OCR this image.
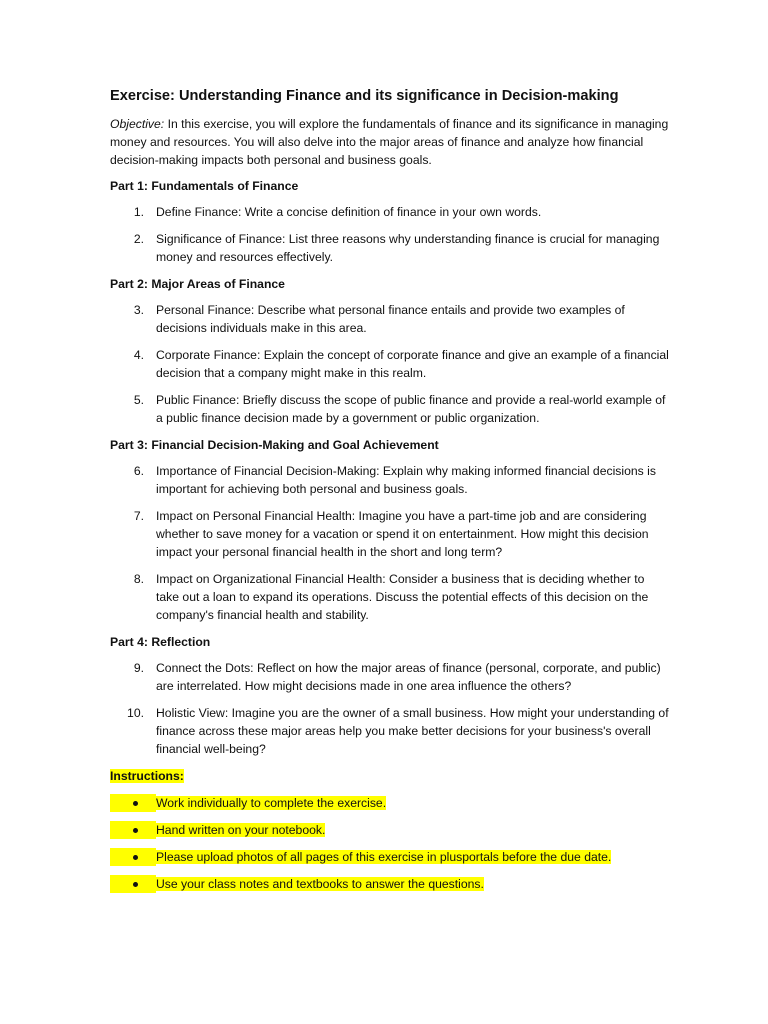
Exercise: Understanding Finance and its significance in Decision-making
Objective: In this exercise, you will explore the fundamentals of finance and its significance in managing money and resources. You will also delve into the major areas of finance and analyze how financial decision-making impacts both personal and business goals.
Part 1: Fundamentals of Finance
1. Define Finance: Write a concise definition of finance in your own words.
2. Significance of Finance: List three reasons why understanding finance is crucial for managing money and resources effectively.
Part 2: Major Areas of Finance
3. Personal Finance: Describe what personal finance entails and provide two examples of decisions individuals make in this area.
4. Corporate Finance: Explain the concept of corporate finance and give an example of a financial decision that a company might make in this realm.
5. Public Finance: Briefly discuss the scope of public finance and provide a real-world example of a public finance decision made by a government or public organization.
Part 3: Financial Decision-Making and Goal Achievement
6. Importance of Financial Decision-Making: Explain why making informed financial decisions is important for achieving both personal and business goals.
7. Impact on Personal Financial Health: Imagine you have a part-time job and are considering whether to save money for a vacation or spend it on entertainment. How might this decision impact your personal financial health in the short and long term?
8. Impact on Organizational Financial Health: Consider a business that is deciding whether to take out a loan to expand its operations. Discuss the potential effects of this decision on the company's financial health and stability.
Part 4: Reflection
9. Connect the Dots: Reflect on how the major areas of finance (personal, corporate, and public) are interrelated. How might decisions made in one area influence the others?
10. Holistic View: Imagine you are the owner of a small business. How might your understanding of finance across these major areas help you make better decisions for your business's overall financial well-being?
Instructions:
Work individually to complete the exercise.
Hand written on your notebook.
Please upload photos of all pages of this exercise in plusportals before the due date.
Use your class notes and textbooks to answer the questions.
